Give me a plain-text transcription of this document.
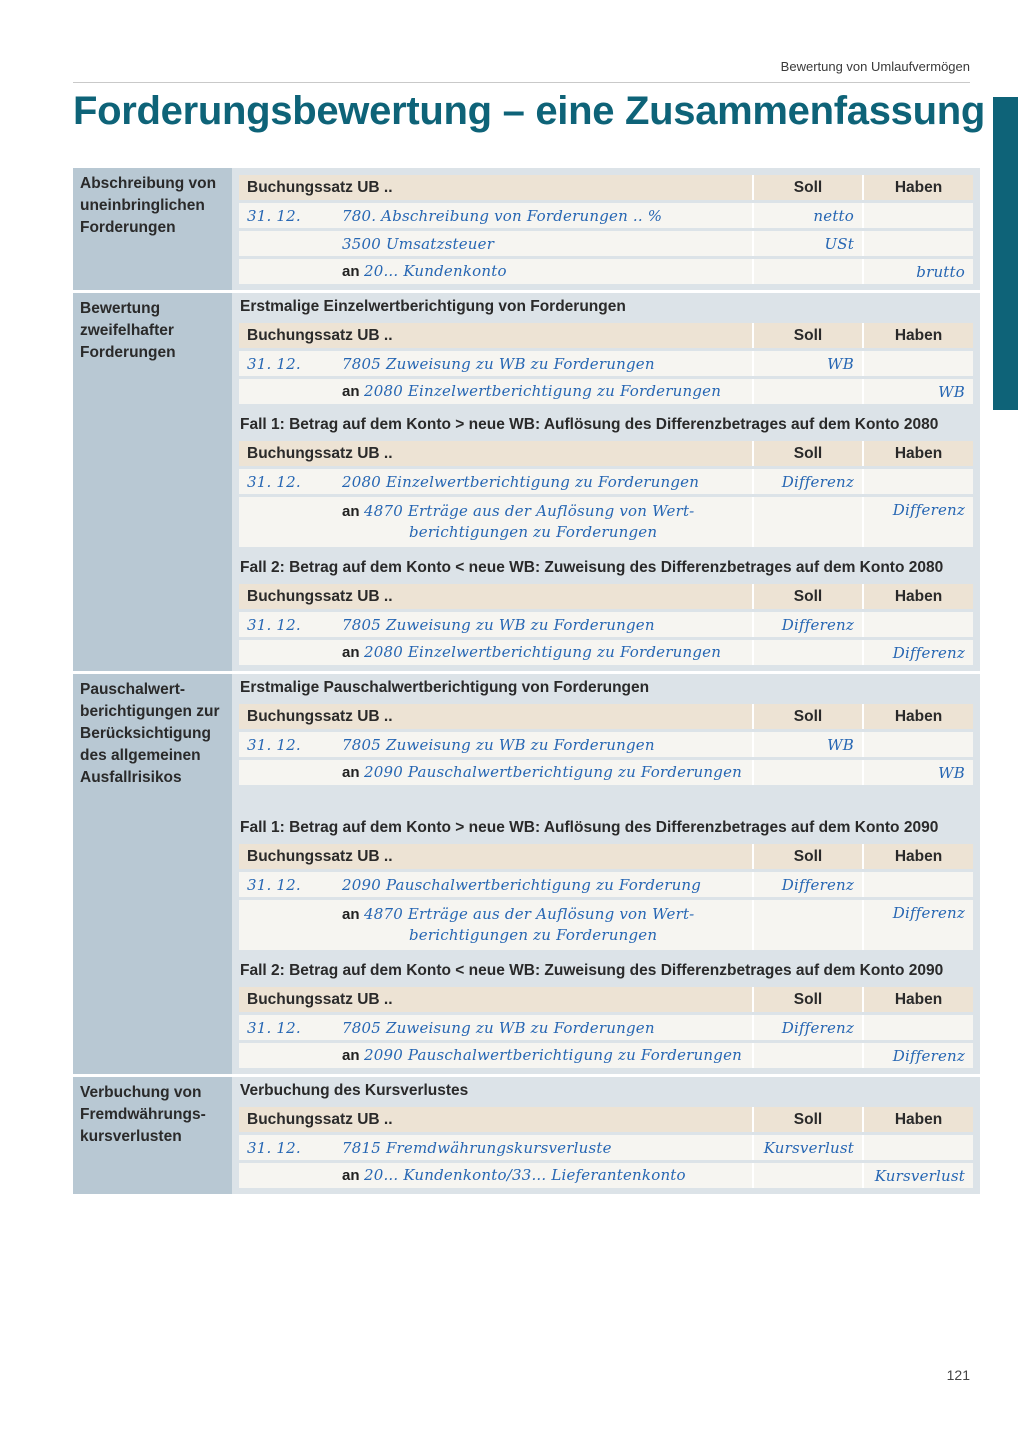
Bewertung von Umlaufvermögen
Forderungsbewertung – eine Zusammenfassung
Abschreibung von uneinbringlichen Forderungen
Buchungssatz UB ..	Soll	Haben

31. 12. 780. Abschreibung von Forderungen .. %	netto	

3500 Umsatzsteuer	USt	

an 20... Kundenkonto		brutto
Bewertung zweifelhafter Forderungen
Erstmalige Einzelwertberichtigung von Forderungen
Buchungssatz UB ..	Soll	Haben

31. 12. 7805 Zuweisung zu WB zu Forderungen	WB	

an 2080 Einzelwertberichtigung zu Forderungen		WB
Fall 1: Betrag auf dem Konto > neue WB: Auflösung des Differenzbetrages auf dem Konto 2080
Buchungssatz UB ..	Soll	Haben

31. 12. 2080 Einzelwertberichtigung zu Forderungen	Differenz	

an 4870 Erträge aus der Auflösung von Wert-
berichtigungen zu Forderungen		Differenz
Fall 2: Betrag auf dem Konto < neue WB: Zuweisung des Differenzbetrages auf dem Konto 2080
Buchungssatz UB ..	Soll	Haben

31. 12. 7805 Zuweisung zu WB zu Forderungen	Differenz	

an 2080 Einzelwertberichtigung zu Forderungen		Differenz
Pauschalwert-
berichtigungen zur
Berücksichtigung
des allgemeinen
Ausfallrisikos
Erstmalige Pauschalwertberichtigung von Forderungen
Buchungssatz UB ..	Soll	Haben

31. 12. 7805 Zuweisung zu WB zu Forderungen	WB	

an 2090 Pauschalwertberichtigung zu Forderungen		WB
Fall 1: Betrag auf dem Konto > neue WB: Auflösung des Differenzbetrages auf dem Konto 2090
Buchungssatz UB ..	Soll	Haben

31. 12. 2090 Pauschalwertberichtigung zu Forderung	Differenz	

an 4870 Erträge aus der Auflösung von Wert-
berichtigungen zu Forderungen		Differenz
Fall 2: Betrag auf dem Konto < neue WB: Zuweisung des Differenzbetrages auf dem Konto 2090
Buchungssatz UB ..	Soll	Haben

31. 12. 7805 Zuweisung zu WB zu Forderungen	Differenz	

an 2090 Pauschalwertberichtigung zu Forderungen		Differenz
Verbuchung von
Fremdwährungs-
kursverlusten
Verbuchung des Kursverlustes
Buchungssatz UB ..	Soll	Haben

31. 12. 7815 Fremdwährungskursverluste	Kursverlust	

an 20... Kundenkonto/33... Lieferantenkonto		Kursverlust
121
